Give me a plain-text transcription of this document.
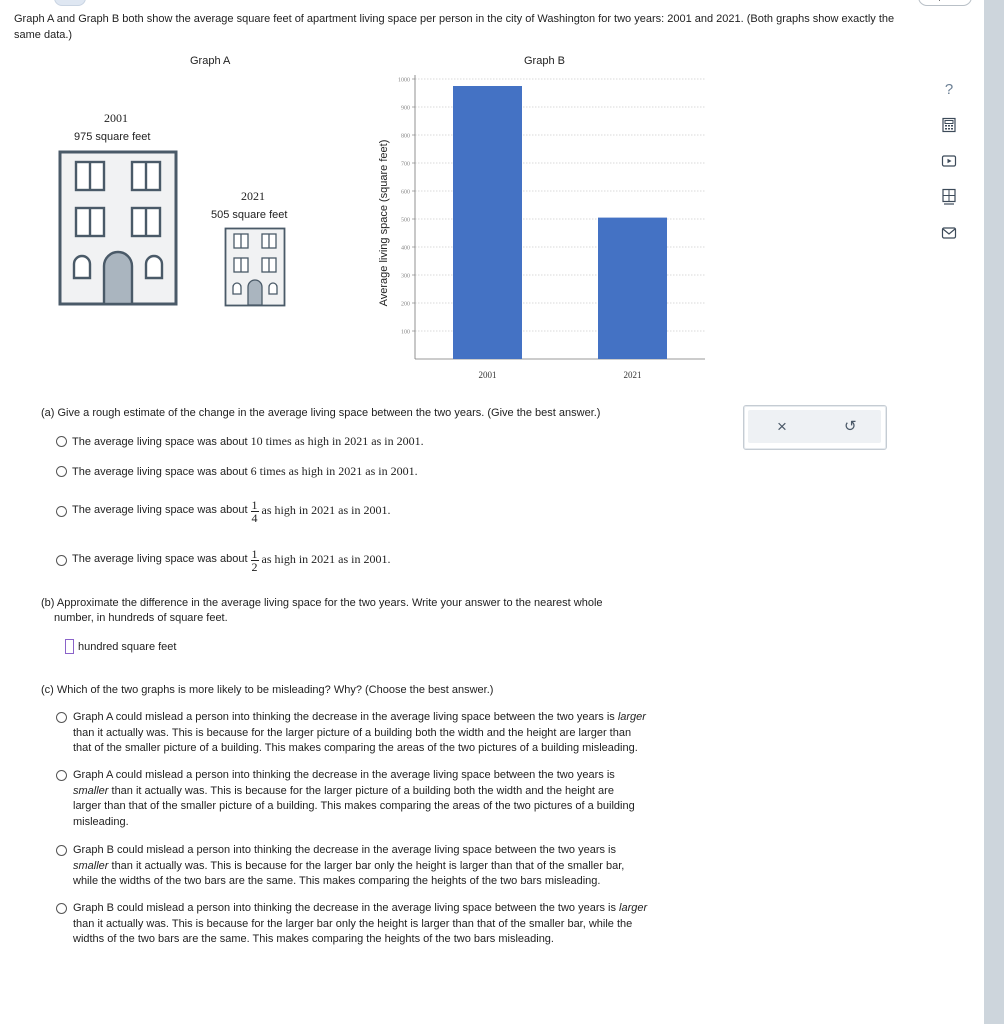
Graph A and Graph B both show the average square feet of apartment living space per person in the city of Washington for two years: 2001 and 2021. (Both graphs show exactly the same data.)
Graph A
2001
975 square feet
2021
505 square feet
Graph B
100
200
300
400
500
600
700
800
900
1000
2001	2021
Average living space (square feet)
(a) Give a rough estimate of the change in the average living space between the two years. (Give the best answer.)
The average living space was about 10 times as high in 2021 as in 2001.
The average living space was about 6 times as high in 2021 as in 2001.
The average living space was about $\frac{1}{4}$ as high in 2021 as in 2001.
The average living space was about $\frac{1}{2}$ as high in 2021 as in 2001.
(b) Approximate the difference in the average living space for the two years. Write your answer to the nearest whole
number, in hundreds of square feet.
hundred square feet
(c) Which of the two graphs is more likely to be misleading? Why? (Choose the best answer.)
Graph A could mislead a person into thinking the decrease in the average living space between the two years is larger
than it actually was. This is because for the larger picture of a building both the width and the height are larger than
that of the smaller picture of a building. This makes comparing the areas of the two pictures of a building misleading.
Graph A could mislead a person into thinking the decrease in the average living space between the two years is
smaller than it actually was. This is because for the larger picture of a building both the width and the height are
larger than that of the smaller picture of a building. This makes comparing the areas of the two pictures of a building
misleading.
Graph B could mislead a person into thinking the decrease in the average living space between the two years is
smaller than it actually was. This is because for the larger bar only the height is larger than that of the smaller bar,
while the widths of the two bars are the same. This makes comparing the heights of the two bars misleading.
Graph B could mislead a person into thinking the decrease in the average living space between the two years is larger
than it actually was. This is because for the larger bar only the height is larger than that of the smaller bar, while the
widths of the two bars are the same. This makes comparing the heights of the two bars misleading.
×	↺
?
